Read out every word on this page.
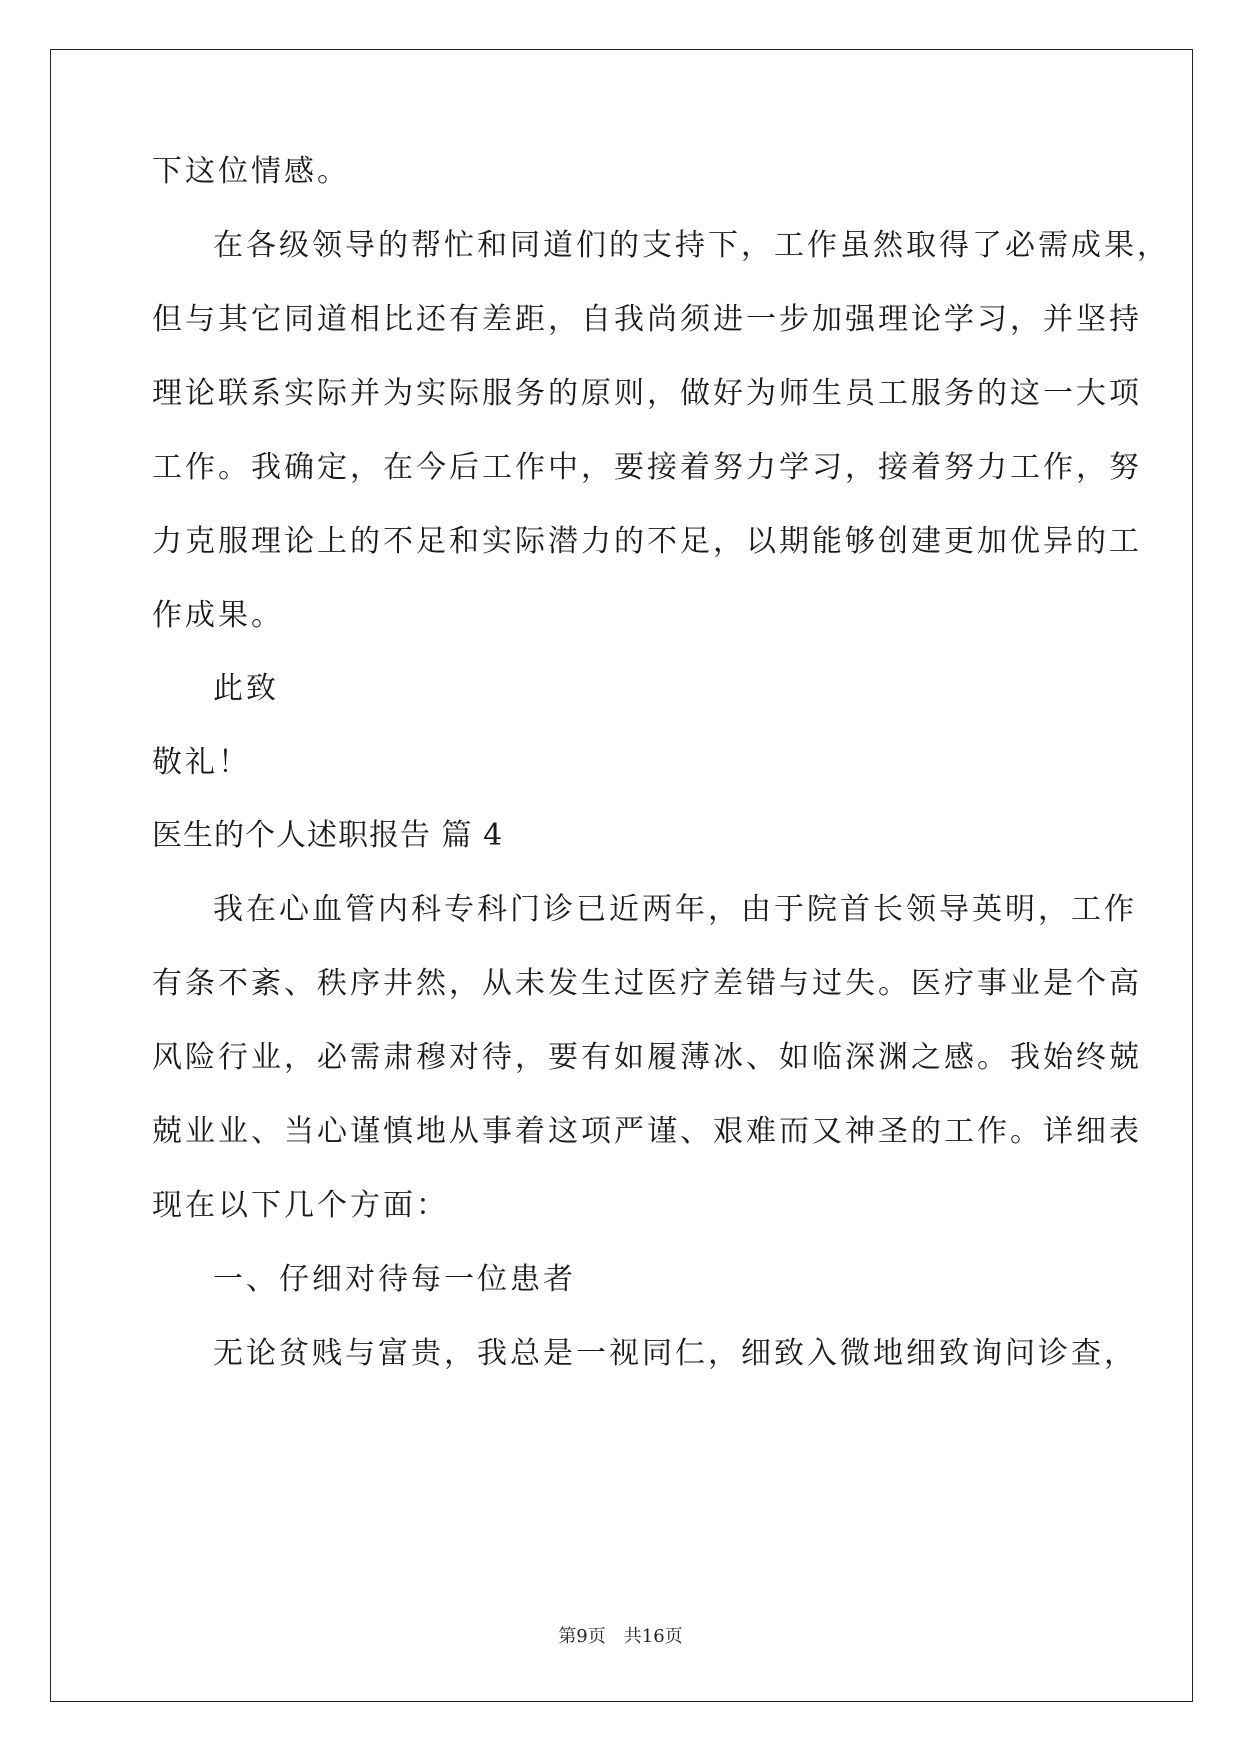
下这位情感。
在各级领导的帮忙和同道们的支持下，工作虽然取得了必需成果，
但与其它同道相比还有差距，自我尚须进一步加强理论学习，并坚持
理论联系实际并为实际服务的原则，做好为师生员工服务的这一大项
工作。我确定，在今后工作中，要接着努力学习，接着努力工作，努
力克服理论上的不足和实际潜力的不足，以期能够创建更加优异的工
作成果。
此致
敬礼！
医生的个人述职报告 篇 4
我在心血管内科专科门诊已近两年，由于院首长领导英明，工作
有条不紊、秩序井然，从未发生过医疗差错与过失。医疗事业是个高
风险行业，必需肃穆对待，要有如履薄冰、如临深渊之感。我始终兢
兢业业、当心谨慎地从事着这项严谨、艰难而又神圣的工作。详细表
现在以下几个方面：
一、仔细对待每一位患者
无论贫贱与富贵，我总是一视同仁，细致入微地细致询问诊查，
第9页 共16页
